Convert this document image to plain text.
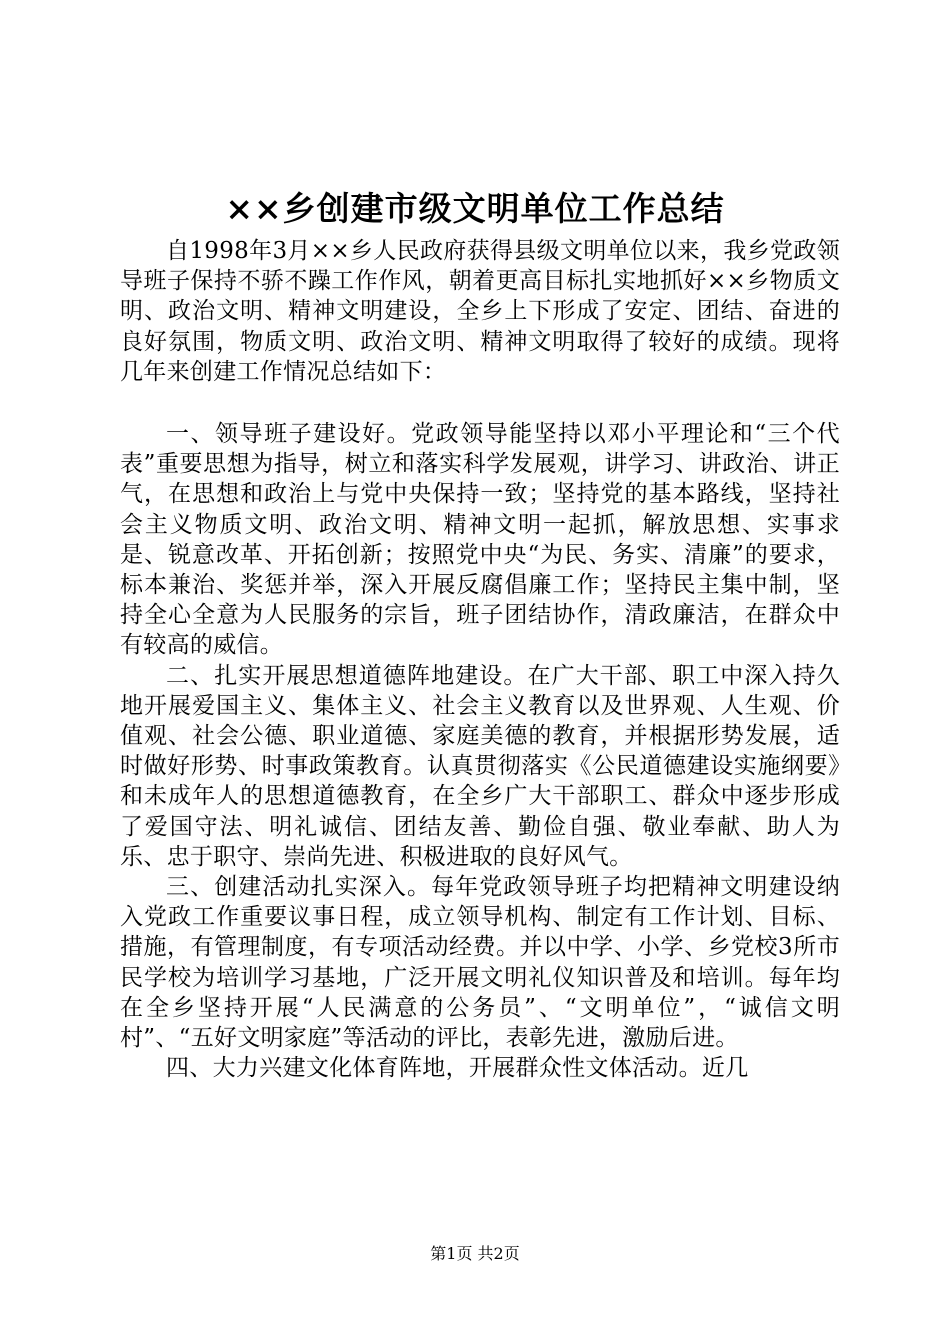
××乡创建市级文明单位工作总结

自1998年3月××乡人民政府获得县级文明单位以来，我乡党政领导班子保持不骄不躁工作作风，朝着更高目标扎实地抓好××乡物质文明、政治文明、精神文明建设，全乡上下形成了安定、团结、奋进的良好氛围，物质文明、政治文明、精神文明取得了较好的成绩。现将几年来创建工作情况总结如下：

一、领导班子建设好。党政领导能坚持以邓小平理论和“三个代表”重要思想为指导，树立和落实科学发展观，讲学习、讲政治、讲正气，在思想和政治上与党中央保持一致；坚持党的基本路线，坚持社会主义物质文明、政治文明、精神文明一起抓，解放思想、实事求是、锐意改革、开拓创新；按照党中央“为民、务实、清廉”的要求，标本兼治、奖惩并举，深入开展反腐倡廉工作；坚持民主集中制，坚持全心全意为人民服务的宗旨，班子团结协作，清政廉洁，在群众中有较高的威信。

二、扎实开展思想道德阵地建设。在广大干部、职工中深入持久地开展爱国主义、集体主义、社会主义教育以及世界观、人生观、价值观、社会公德、职业道德、家庭美德的教育，并根据形势发展，适时做好形势、时事政策教育。认真贯彻落实《公民道德建设实施纲要》和未成年人的思想道德教育，在全乡广大干部职工、群众中逐步形成了爱国守法、明礼诚信、团结友善、勤俭自强、敬业奉献、助人为乐、忠于职守、崇尚先进、积极进取的良好风气。

三、创建活动扎实深入。每年党政领导班子均把精神文明建设纳入党政工作重要议事日程，成立领导机构、制定有工作计划、目标、措施，有管理制度，有专项活动经费。并以中学、小学、乡党校3所市民学校为培训学习基地，广泛开展文明礼仪知识普及和培训。每年均在全乡坚持开展“人民满意的公务员”、“文明单位”，“诚信文明村”、“五好文明家庭”等活动的评比，表彰先进，激励后进。

四、大力兴建文化体育阵地，开展群众性文体活动。近几

第1页 共2页
